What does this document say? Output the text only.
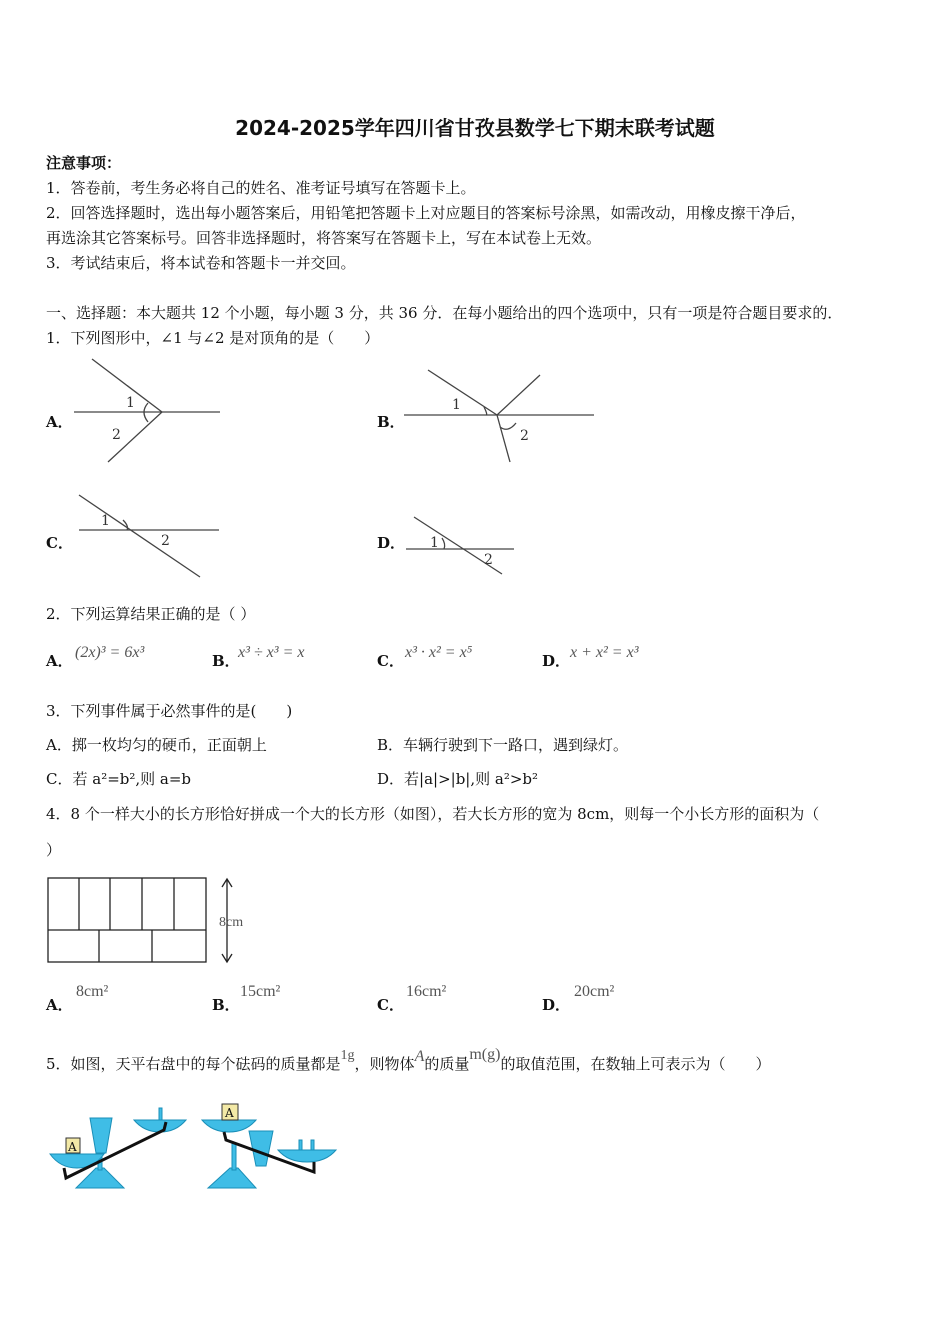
2024-2025学年四川省甘孜县数学七下期末联考试题
注意事项：
1．答卷前，考生务必将自己的姓名、准考证号填写在答题卡上。
2．回答选择题时，选出每小题答案后，用铅笔把答题卡上对应题目的答案标号涂黑，如需改动，用橡皮擦干净后，
再选涂其它答案标号。回答非选择题时，将答案写在答题卡上，写在本试卷上无效。
3．考试结束后，将本试卷和答题卡一并交回。
一、选择题：本大题共 12 个小题，每小题 3 分，共 36 分．在每小题给出的四个选项中，只有一项是符合题目要求的．
1．下列图形中，∠1 与∠2 是对顶角的是（　　）
A．	B．
C．	D．
1
2
1
2
1
2	1
2
2．下列运算结果正确的是（ ）
A． (2x)³ = 6x³	B．
x³ ÷ x³ = x	C． x³ · x² = x⁵	D． x + x² = x³
3．下列事件属于必然事件的是(　　)
A．掷一枚均匀的硬币，正面朝上	B．车辆行驶到下一路口，遇到绿灯。
C．若 a²=b²,则 a=b	D．若|a|>|b|,则 a²>b²
4．8 个一样大小的长方形恰好拼成一个大的长方形（如图），若大长方形的宽为 8cm，则每一个小长方形的面积为（
）
8cm
A．
8cm²
B．
15cm²
C．
16cm²
D．
20cm²
5．如图，天平右盘中的每个砝码的质量都是1g，则物体A的质量m(g)的取值范围，在数轴上可表示为（　　）
A
A
